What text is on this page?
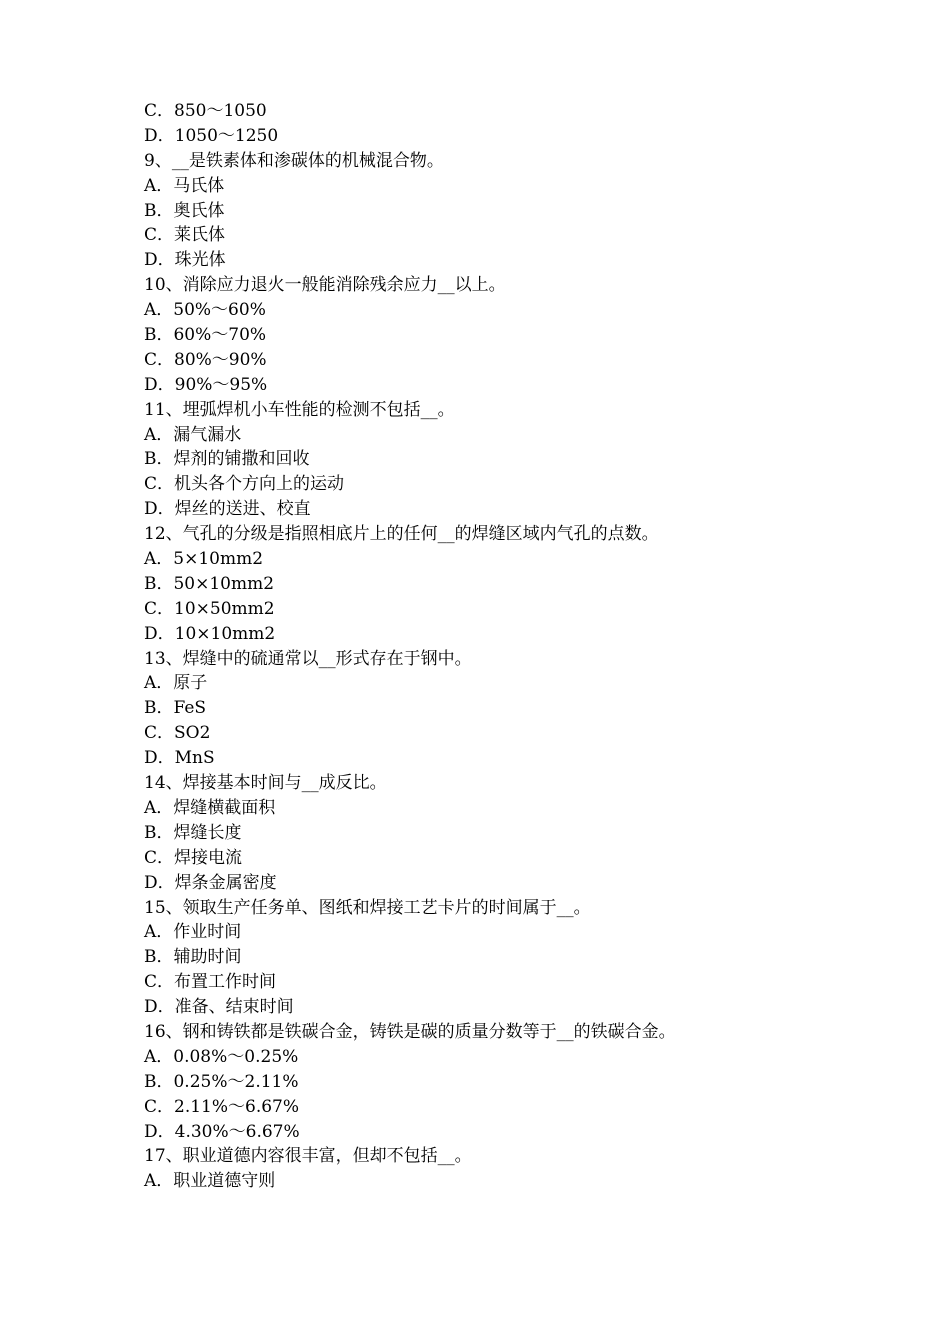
C．850～1050
D．1050～1250
9、__是铁素体和渗碳体的机械混合物。
A．马氏体
B．奥氏体
C．莱氏体
D．珠光体
10、消除应力退火一般能消除残余应力__以上。
A．50%～60%
B．60%～70%
C．80%～90%
D．90%～95%
11、埋弧焊机小车性能的检测不包括__。
A．漏气漏水
B．焊剂的铺撒和回收
C．机头各个方向上的运动
D．焊丝的送进、校直
12、气孔的分级是指照相底片上的任何__的焊缝区域内气孔的点数。
A．5×10mm2
B．50×10mm2
C．10×50mm2
D．10×10mm2
13、焊缝中的硫通常以__形式存在于钢中。
A．原子
B．FeS
C．SO2
D．MnS
14、焊接基本时间与__成反比。
A．焊缝横截面积
B．焊缝长度
C．焊接电流
D．焊条金属密度
15、领取生产任务单、图纸和焊接工艺卡片的时间属于__。
A．作业时间
B．辅助时间
C．布置工作时间
D．准备、结束时间
16、钢和铸铁都是铁碳合金，铸铁是碳的质量分数等于__的铁碳合金。
A．0.08%～0.25%
B．0.25%～2.11%
C．2.11%～6.67%
D．4.30%～6.67%
17、职业道德内容很丰富，但却不包括__。
A．职业道德守则
